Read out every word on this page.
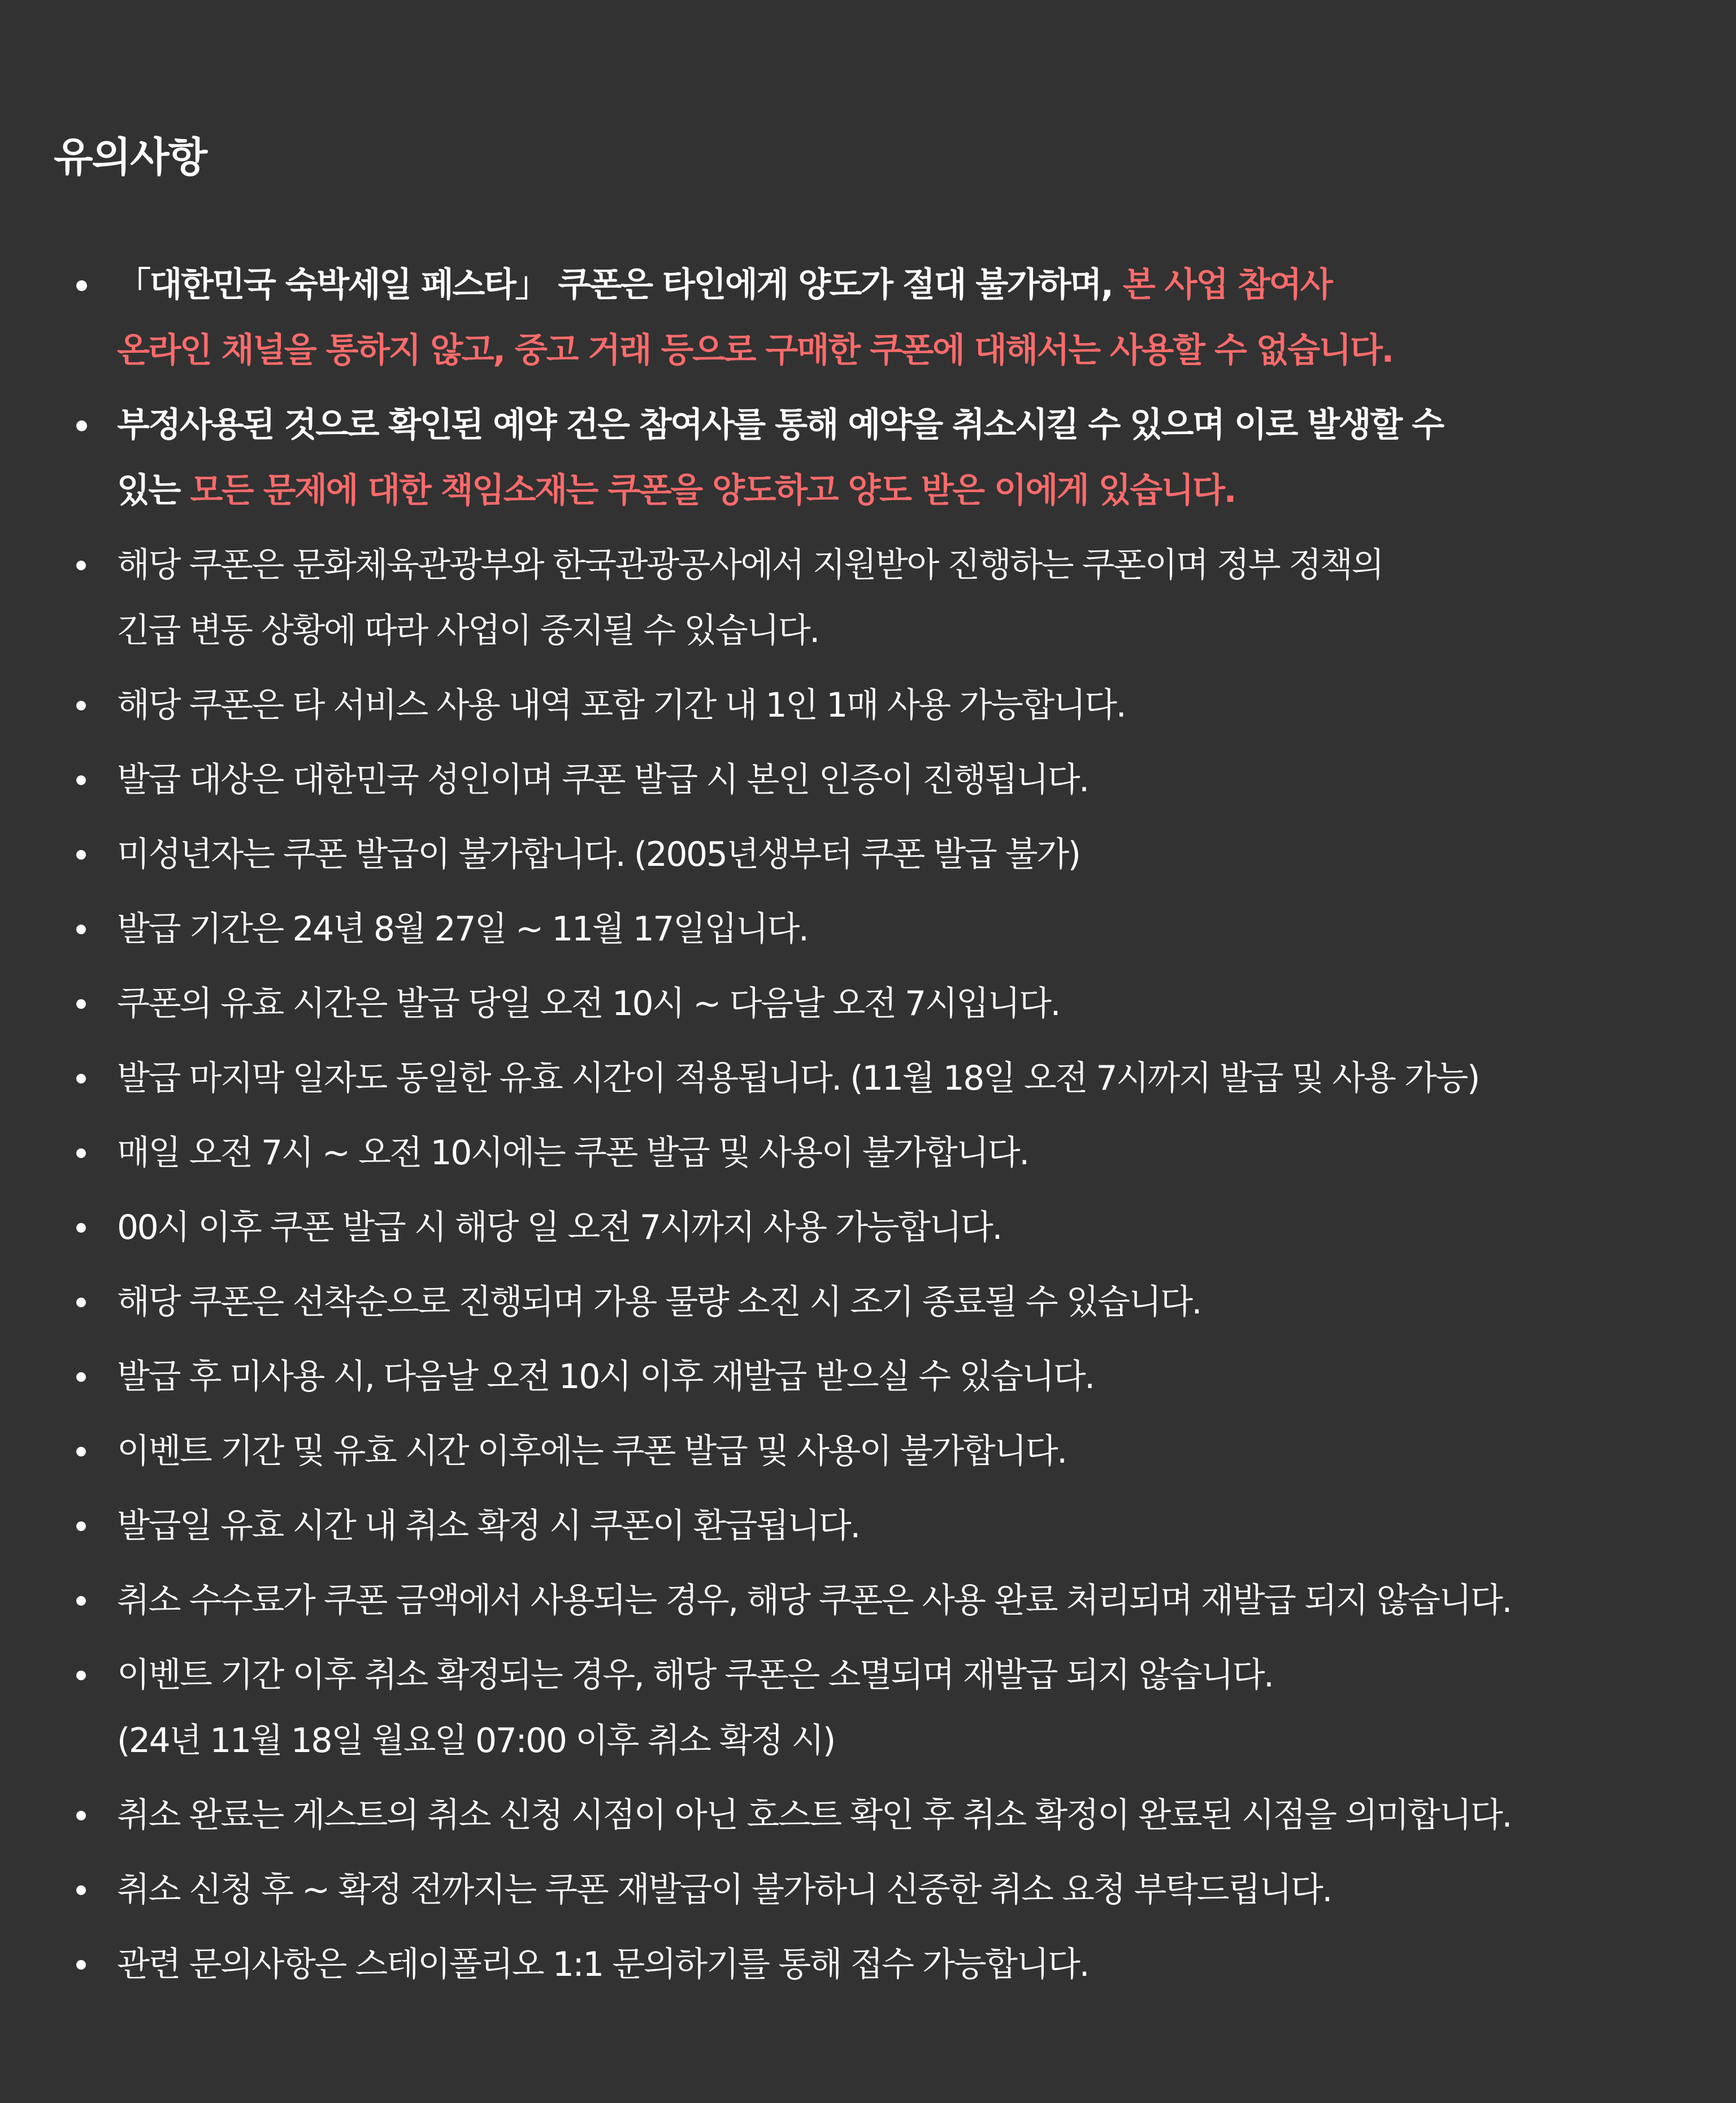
유의사항
「대한민국 숙박세일 페스타」 쿠폰은 타인에게 양도가 절대 불가하며, 본 사업 참여사
온라인 채널을 통하지 않고, 중고 거래 등으로 구매한 쿠폰에 대해서는 사용할 수 없습니다.
부정사용된 것으로 확인된 예약 건은 참여사를 통해 예약을 취소시킬 수 있으며 이로 발생할 수
있는 모든 문제에 대한 책임소재는 쿠폰을 양도하고 양도 받은 이에게 있습니다.
해당 쿠폰은 문화체육관광부와 한국관광공사에서 지원받아 진행하는 쿠폰이며 정부 정책의
긴급 변동 상황에 따라 사업이 중지될 수 있습니다.
해당 쿠폰은 타 서비스 사용 내역 포함 기간 내 1인 1매 사용 가능합니다.
발급 대상은 대한민국 성인이며 쿠폰 발급 시 본인 인증이 진행됩니다.
미성년자는 쿠폰 발급이 불가합니다. (2005년생부터 쿠폰 발급 불가)
발급 기간은 24년 8월 27일 ~ 11월 17일입니다.
쿠폰의 유효 시간은 발급 당일 오전 10시 ~ 다음날 오전 7시입니다.
발급 마지막 일자도 동일한 유효 시간이 적용됩니다. (11월 18일 오전 7시까지 발급 및 사용 가능)
매일 오전 7시 ~ 오전 10시에는 쿠폰 발급 및 사용이 불가합니다.
00시 이후 쿠폰 발급 시 해당 일 오전 7시까지 사용 가능합니다.
해당 쿠폰은 선착순으로 진행되며 가용 물량 소진 시 조기 종료될 수 있습니다.
발급 후 미사용 시, 다음날 오전 10시 이후 재발급 받으실 수 있습니다.
이벤트 기간 및 유효 시간 이후에는 쿠폰 발급 및 사용이 불가합니다.
발급일 유효 시간 내 취소 확정 시 쿠폰이 환급됩니다.
취소 수수료가 쿠폰 금액에서 사용되는 경우, 해당 쿠폰은 사용 완료 처리되며 재발급 되지 않습니다.
이벤트 기간 이후 취소 확정되는 경우, 해당 쿠폰은 소멸되며 재발급 되지 않습니다.
(24년 11월 18일 월요일 07:00 이후 취소 확정 시)
취소 완료는 게스트의 취소 신청 시점이 아닌 호스트 확인 후 취소 확정이 완료된 시점을 의미합니다.
취소 신청 후 ~ 확정 전까지는 쿠폰 재발급이 불가하니 신중한 취소 요청 부탁드립니다.
관련 문의사항은 스테이폴리오 1:1 문의하기를 통해 접수 가능합니다.
